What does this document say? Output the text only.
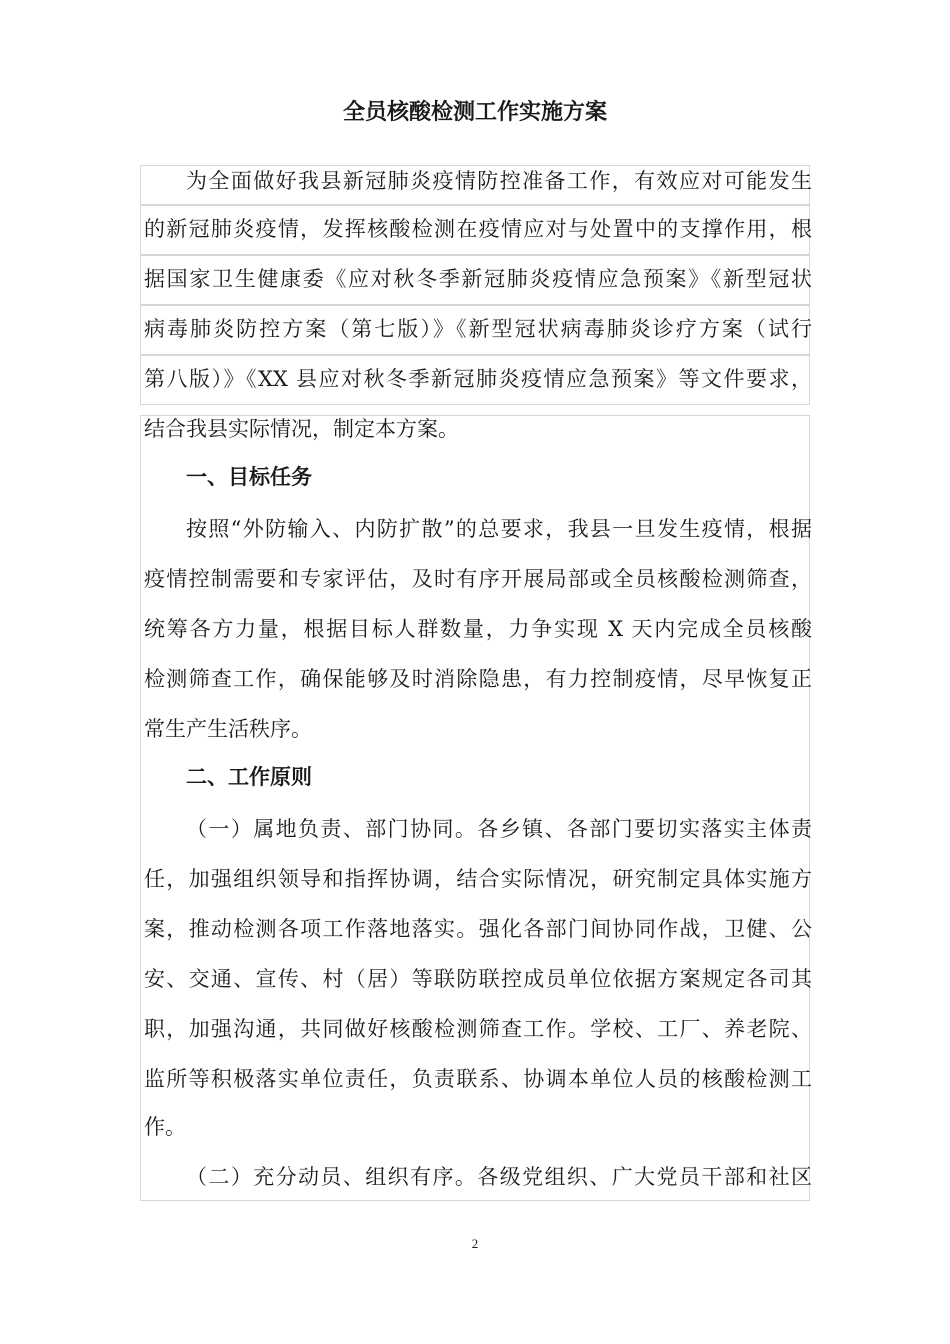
全员核酸检测工作实施方案
为全面做好我县新冠肺炎疫情防控准备工作，有效应对可能发生
的新冠肺炎疫情，发挥核酸检测在疫情应对与处置中的支撑作用，根
据国家卫生健康委《应对秋冬季新冠肺炎疫情应急预案》《新型冠状
病毒肺炎防控方案（第七版）》《新型冠状病毒肺炎诊疗方案（试行
第八版）》《XX 县应对秋冬季新冠肺炎疫情应急预案》等文件要求，
结合我县实际情况，制定本方案。
一、目标任务
按照“外防输入、内防扩散”的总要求，我县一旦发生疫情，根据
疫情控制需要和专家评估，及时有序开展局部或全员核酸检测筛查，
统筹各方力量，根据目标人群数量，力争实现 X 天内完成全员核酸
检测筛查工作，确保能够及时消除隐患，有力控制疫情，尽早恢复正
常生产生活秩序。
二、工作原则
（一）属地负责、部门协同。各乡镇、各部门要切实落实主体责
任，加强组织领导和指挥协调，结合实际情况，研究制定具体实施方
案，推动检测各项工作落地落实。强化各部门间协同作战，卫健、公
安、交通、宣传、村（居）等联防联控成员单位依据方案规定各司其
职，加强沟通，共同做好核酸检测筛查工作。学校、工厂、养老院、
监所等积极落实单位责任，负责联系、协调本单位人员的核酸检测工
作。
（二）充分动员、组织有序。各级党组织、广大党员干部和社区
2
